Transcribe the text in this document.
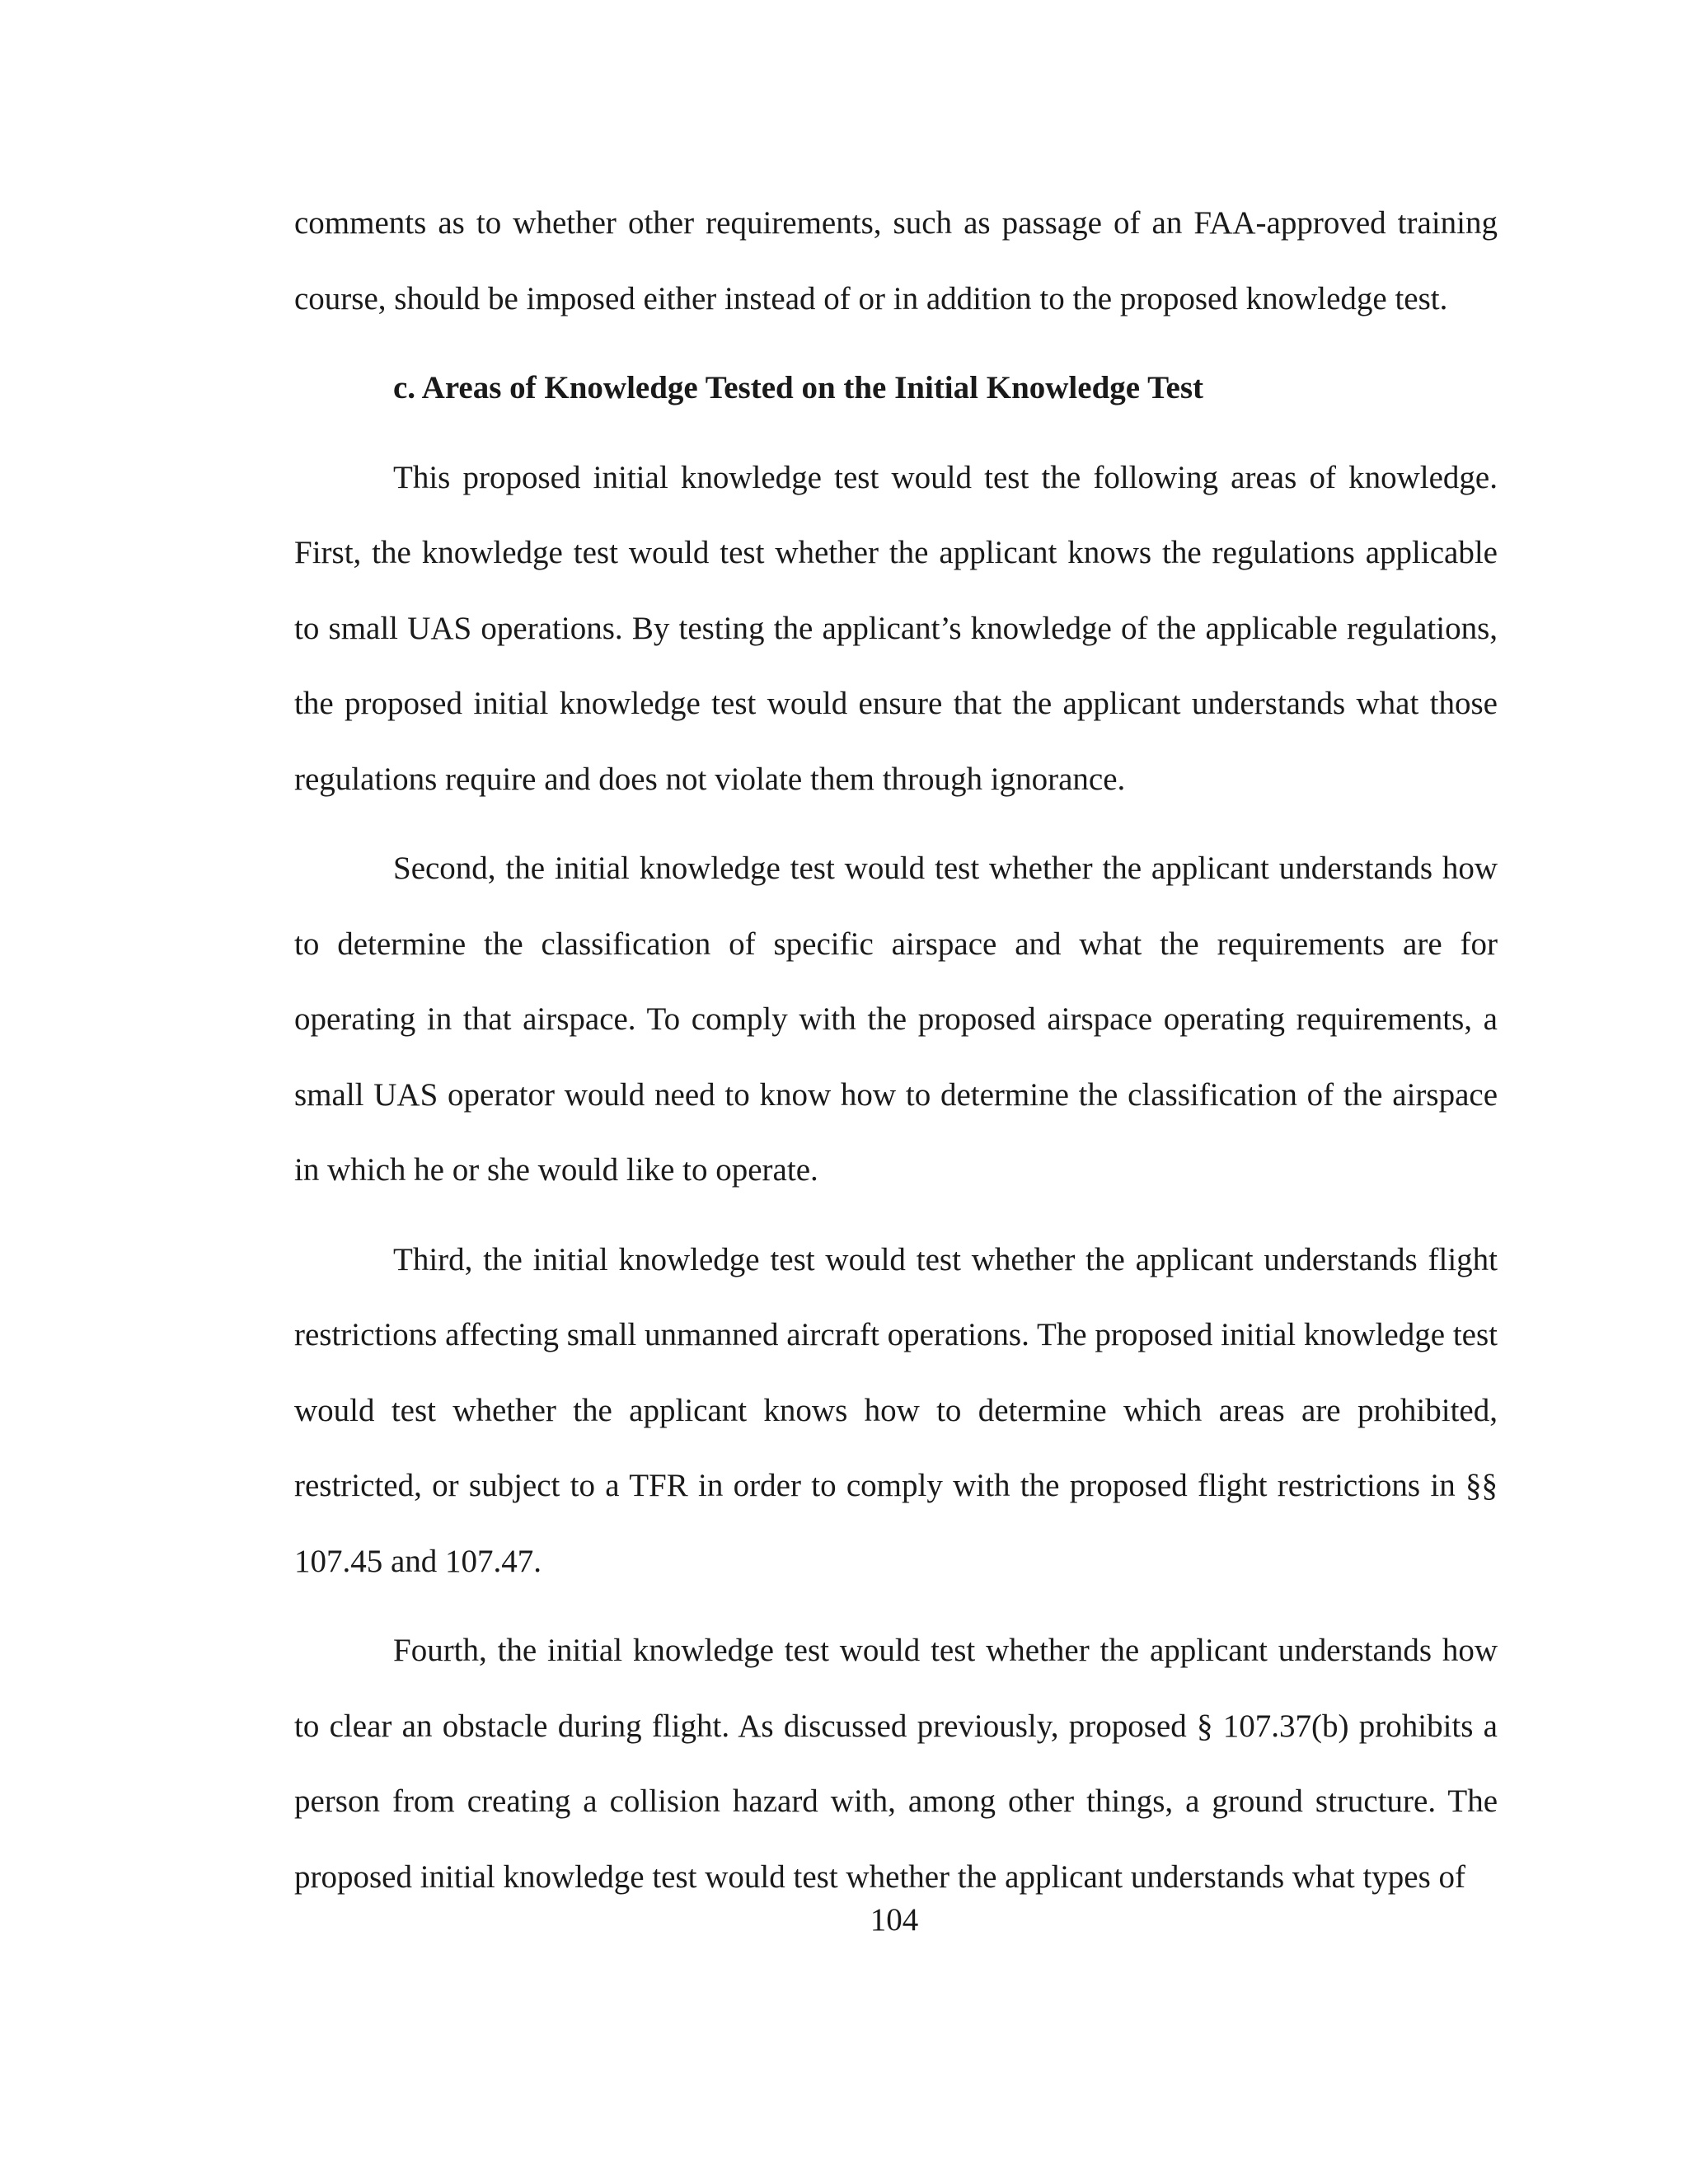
comments as to whether other requirements, such as passage of an FAA-approved training course, should be imposed either instead of or in addition to the proposed knowledge test.

c. Areas of Knowledge Tested on the Initial Knowledge Test

This proposed initial knowledge test would test the following areas of knowledge. First, the knowledge test would test whether the applicant knows the regulations applicable to small UAS operations. By testing the applicant’s knowledge of the applicable regulations, the proposed initial knowledge test would ensure that the applicant understands what those regulations require and does not violate them through ignorance.

Second, the initial knowledge test would test whether the applicant understands how to determine the classification of specific airspace and what the requirements are for operating in that airspace. To comply with the proposed airspace operating requirements, a small UAS operator would need to know how to determine the classification of the airspace in which he or she would like to operate.

Third, the initial knowledge test would test whether the applicant understands flight restrictions affecting small unmanned aircraft operations. The proposed initial knowledge test would test whether the applicant knows how to determine which areas are prohibited, restricted, or subject to a TFR in order to comply with the proposed flight restrictions in §§ 107.45 and 107.47.

Fourth, the initial knowledge test would test whether the applicant understands how to clear an obstacle during flight. As discussed previously, proposed § 107.37(b) prohibits a person from creating a collision hazard with, among other things, a ground structure. The proposed initial knowledge test would test whether the applicant understands what types of

104
